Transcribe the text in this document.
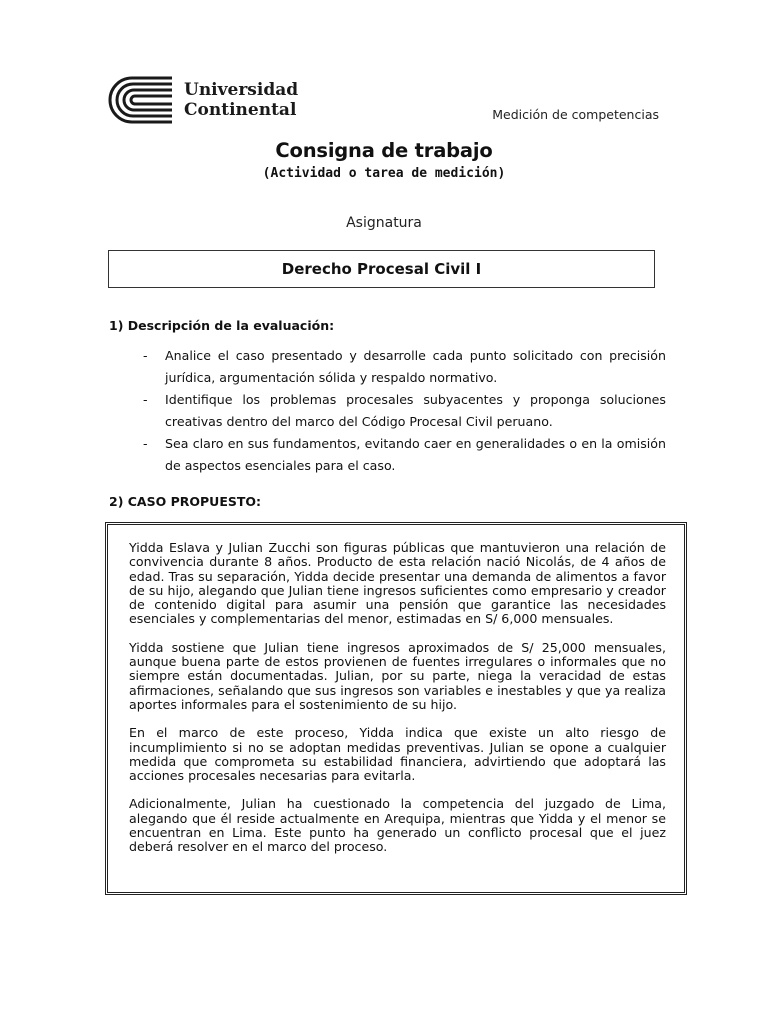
Universidad
Continental	Medición de competencias
Consigna de trabajo
(Actividad o tarea de medición)
Asignatura
Derecho Procesal Civil I
1) Descripción de la evaluación:
- Analice el caso presentado y desarrolle cada punto solicitado con precisión jurídica, argumentación sólida y respaldo normativo.
- Identifique los problemas procesales subyacentes y proponga soluciones creativas dentro del marco del Código Procesal Civil peruano.
- Sea claro en sus fundamentos, evitando caer en generalidades o en la omisión de aspectos esenciales para el caso.
2) CASO PROPUESTO:

Yidda Eslava y Julian Zucchi son figuras públicas que mantuvieron una relación de convivencia durante 8 años. Producto de esta relación nació Nicolás, de 4 años de edad. Tras su separación, Yidda decide presentar una demanda de alimentos a favor de su hijo, alegando que Julian tiene ingresos suficientes como empresario y creador de contenido digital para asumir una pensión que garantice las necesidades esenciales y complementarias del menor, estimadas en S/ 6,000 mensuales.

Yidda sostiene que Julian tiene ingresos aproximados de S/ 25,000 mensuales, aunque buena parte de estos provienen de fuentes irregulares o informales que no siempre están documentadas. Julian, por su parte, niega la veracidad de estas afirmaciones, señalando que sus ingresos son variables e inestables y que ya realiza aportes informales para el sostenimiento de su hijo.

En el marco de este proceso, Yidda indica que existe un alto riesgo de incumplimiento si no se adoptan medidas preventivas. Julian se opone a cualquier medida que comprometa su estabilidad financiera, advirtiendo que adoptará las acciones procesales necesarias para evitarla.

Adicionalmente, Julian ha cuestionado la competencia del juzgado de Lima, alegando que él reside actualmente en Arequipa, mientras que Yidda y el menor se encuentran en Lima. Este punto ha generado un conflicto procesal que el juez deberá resolver en el marco del proceso.
